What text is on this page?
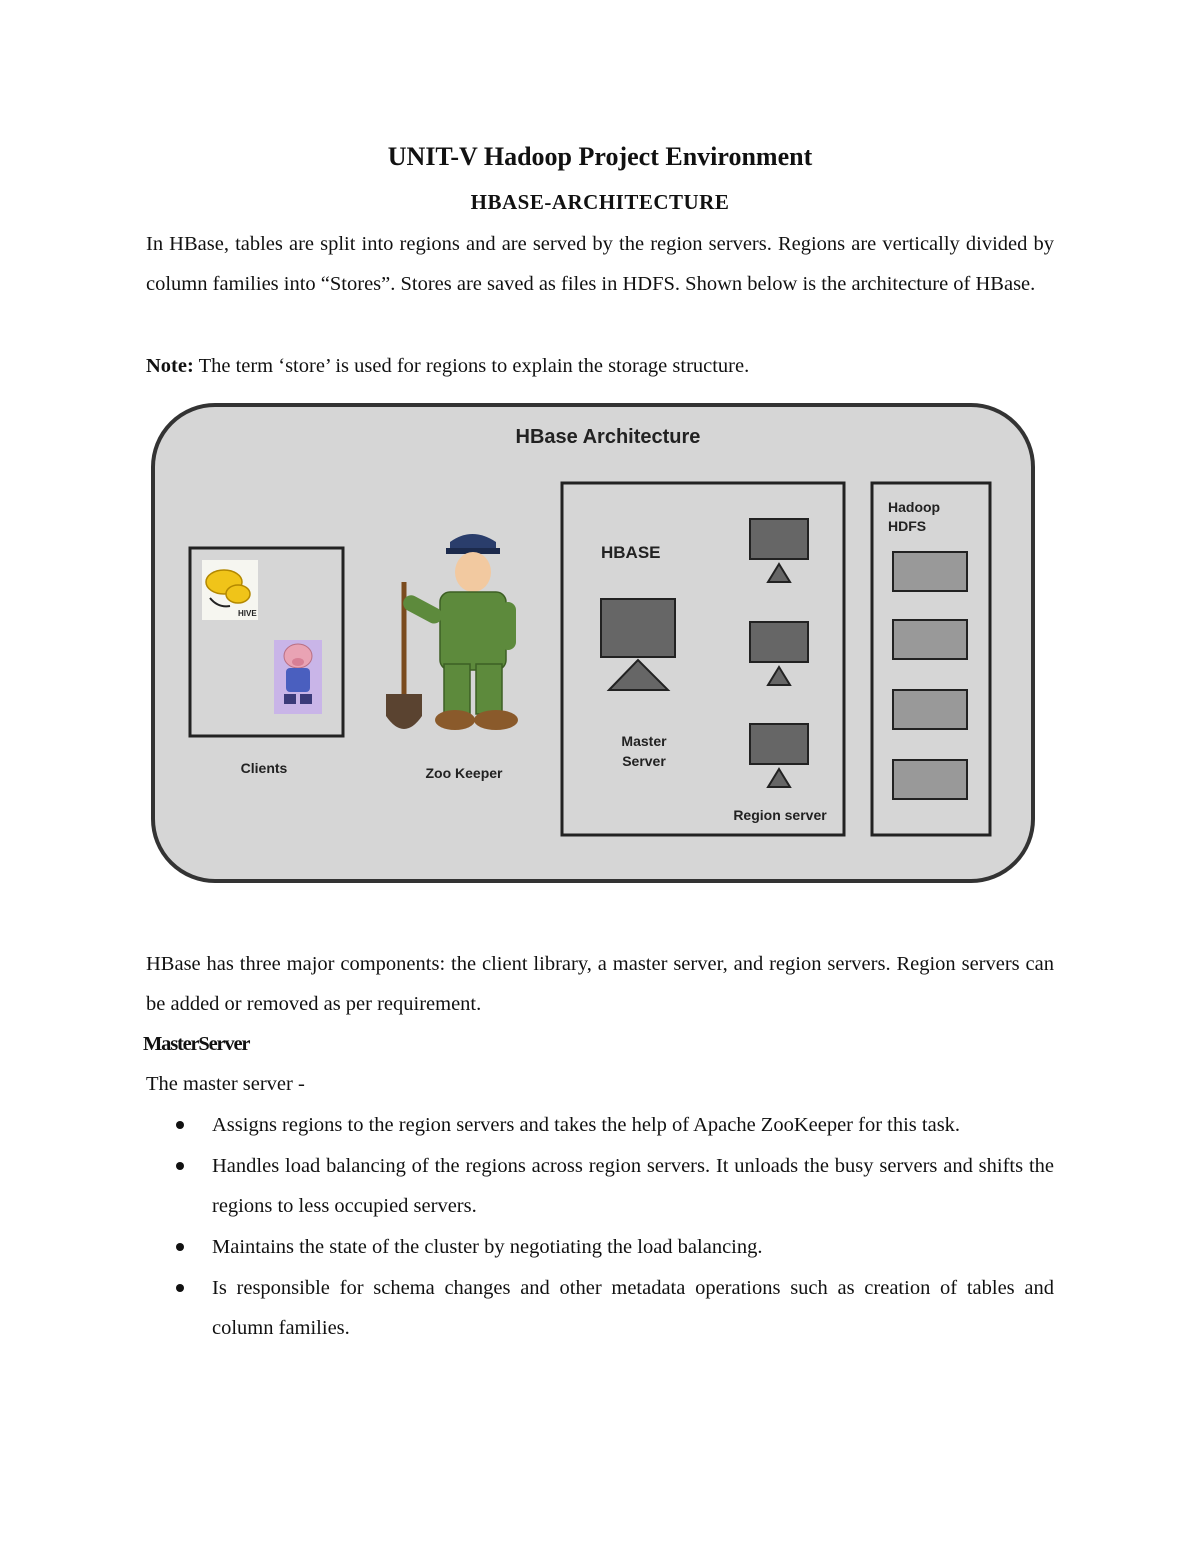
UNIT-V Hadoop Project Environment
HBASE-ARCHITECTURE

In HBase, tables are split into regions and are served by the region servers. Regions are vertically divided by column families into “Stores”. Stores are saved as files in HDFS. Shown below is the architecture of HBase.

Note: The term ‘store’ is used for regions to explain the storage structure.

HBase Architecture
HIVE
Clients	Zoo Keeper
HBASE
Master
Server
Region server
Hadoop
HDFS

HBase has three major components: the client library, a master server, and region servers. Region servers can be added or removed as per requirement.

MasterServer
The master server -
Assigns regions to the region servers and takes the help of Apache ZooKeeper for this task.
Handles load balancing of the regions across region servers. It unloads the busy servers and shifts the regions to less occupied servers.
Maintains the state of the cluster by negotiating the load balancing.
Is responsible for schema changes and other metadata operations such as creation of tables and column families.
